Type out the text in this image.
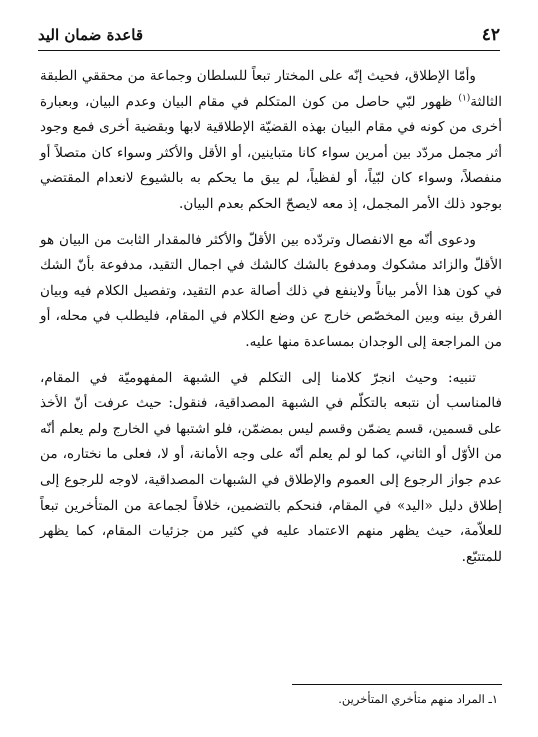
٤٢
قاعدة ضمان اليد

وأمّا الإطلاق، فحيث إنّه على المختار تبعاً للسلطان وجماعة من محققي الطبقة الثالثة$^{(١)}$ ظهور لبّي حاصل من كون المتكلم في مقام البيان وعدم البيان، وبعبارة أخرى من كونه في مقام البيان بهذه القضيّة الإطلاقية لابها وبقضية أخرى فمع وجود أثر مجمل مردّد بين أمرين سواء كانا متباينين، أو الأقل والأكثر وسواء كان متصلاً أو منفصلاً، وسواء كان لبّياً، أو لفظياً، لم يبق ما يحكم به بالشيوع لانعدام المقتضي بوجود ذلك الأمر المجمل، إذ معه لايصحّ الحكم بعدم البيان.

ودعوى أنّه مع الانفصال وتردّده بين الأقلّ والأكثر فالمقدار الثابت من البيان هو الأقلّ والزائد مشكوك ومدفوع بالشك كالشك في اجمال التقيد، مدفوعة بأنّ الشك في كون هذا الأمر بياناً ولاينفع في ذلك أصالة عدم التقيد، وتفصيل الكلام فيه وبيان الفرق بينه وبين المخصّص خارج عن وضع الكلام في المقام، فليطلب في محله، أو من المراجعة إلى الوجدان بمساعدة منها عليه.

تنبيه: وحيث انجرّ كلامنا إلى التكلم في الشبهة المفهوميّة في المقام، فالمناسب أن نتبعه بالتكلّم في الشبهة المصداقية، فنقول: حيث عرفت أنّ الأخذ على قسمين، قسم يضمّن وقسم ليس بمضمّن، فلو اشتبها في الخارج ولم يعلم أنّه من الأوّل أو الثاني، كما لو لم يعلم أنّه على وجه الأمانة، أو لا، فعلى ما نختاره، من عدم جواز الرجوع إلى العموم والإطلاق في الشبهات المصداقية، لاوجه للرجوع إلى إطلاق دليل «اليد» في المقام، فنحكم بالتضمين، خلافاً لجماعة من المتأخرين تبعاً للعلاّمة، حيث يظهر منهم الاعتماد عليه في كثير من جزئيات المقام، كما يظهر للمتتبّع.

١ـ المراد منهم متأخري المتأخرين.
